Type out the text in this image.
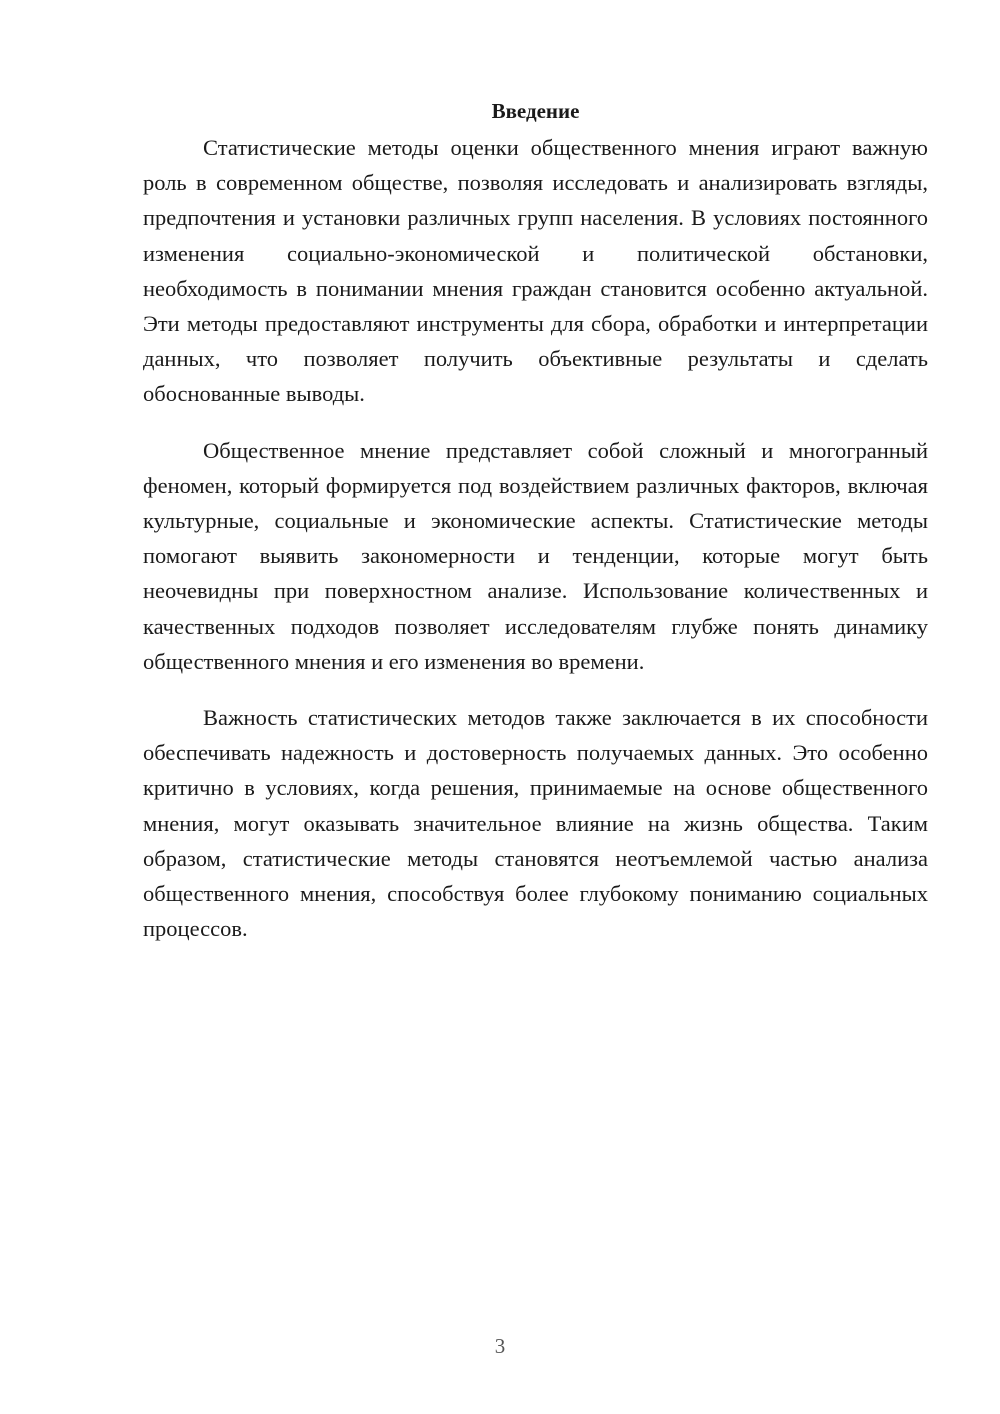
Введение

Статистические методы оценки общественного мнения играют важную роль в современном обществе, позволяя исследовать и анализировать взгляды, предпочтения и установки различных групп населения. В условиях постоянного изменения социально-экономической и политической обстановки, необходимость в понимании мнения граждан становится особенно актуальной. Эти методы предоставляют инструменты для сбора, обработки и интерпретации данных, что позволяет получить объективные результаты и сделать обоснованные выводы.

Общественное мнение представляет собой сложный и многогранный феномен, который формируется под воздействием различных факторов, включая культурные, социальные и экономические аспекты. Статистические методы помогают выявить закономерности и тенденции, которые могут быть неочевидны при поверхностном анализе. Использование количественных и качественных подходов позволяет исследователям глубже понять динамику общественного мнения и его изменения во времени.

Важность статистических методов также заключается в их способности обеспечивать надежность и достоверность получаемых данных. Это особенно критично в условиях, когда решения, принимаемые на основе общественного мнения, могут оказывать значительное влияние на жизнь общества. Таким образом, статистические методы становятся неотъемлемой частью анализа общественного мнения, способствуя более глубокому пониманию социальных процессов.

3
